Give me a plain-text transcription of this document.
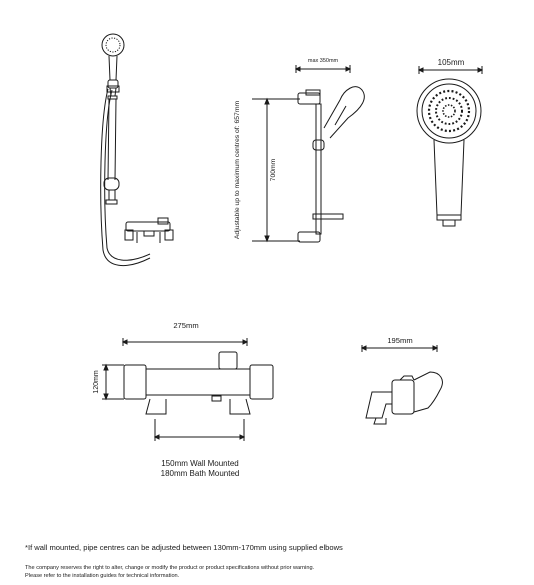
max 350mm	105mm
Adjustable up to maximum centres of: 657mm	700mm
275mm
120mm
195mm
150mm Wall Mounted
180mm Bath Mounted
*If wall mounted, pipe centres can be adjusted between 130mm-170mm using supplied elbows
The company reserves the right to alter, change or modify the product or product specifications without prior warning.
Please refer to the installation guides for technical information.
